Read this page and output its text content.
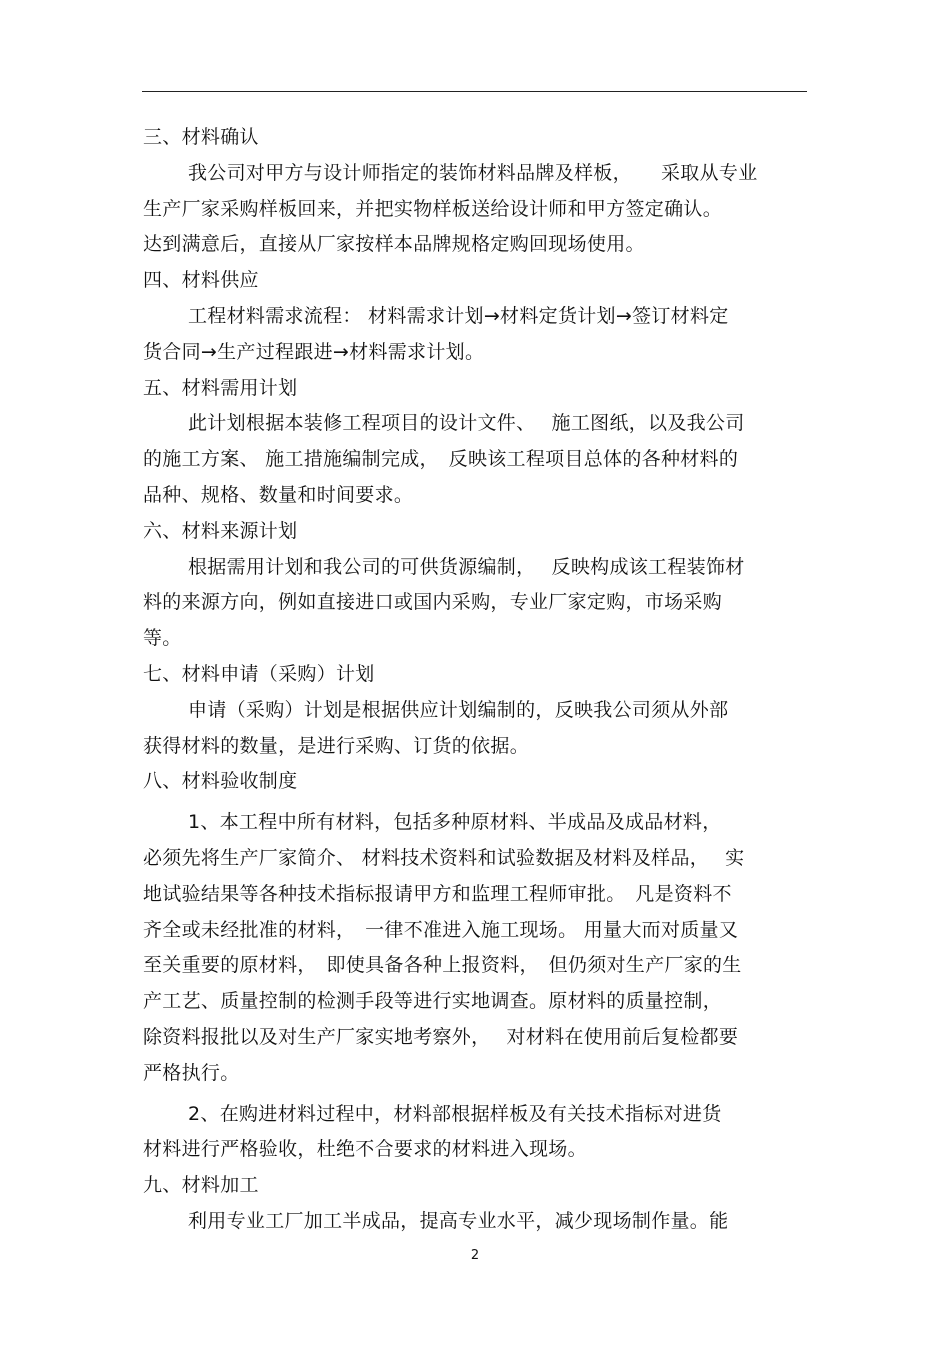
三、材料确认

我公司对甲方与设计师指定的装饰材料品牌及样板，　　采取从专业

生产厂家采购样板回来，并把实物样板送给设计师和甲方签定确认。

达到满意后，直接从厂家按样本品牌规格定购回现场使用。

四、材料供应

工程材料需求流程： 材料需求计划→材料定货计划→签订材料定

货合同→生产过程跟进→材料需求计划。

五、材料需用计划

此计划根据本装修工程项目的设计文件、　 施工图纸，以及我公司

的施工方案、 施工措施编制完成，　反映该工程项目总体的各种材料的

品种、规格、数量和时间要求。

六、材料来源计划

根据需用计划和我公司的可供货源编制，　 反映构成该工程装饰材

料的来源方向，例如直接进口或国内采购，专业厂家定购，市场采购

等。

七、材料申请（采购）计划

申请（采购）计划是根据供应计划编制的，反映我公司须从外部

获得材料的数量，是进行采购、订货的依据。

八、材料验收制度

1、本工程中所有材料，包括多种原材料、半成品及成品材料，

必须先将生产厂家简介、 材料技术资料和试验数据及材料及样品，　 实

地试验结果等各种技术指标报请甲方和监理工程师审批。　凡是资料不

齐全或未经批准的材料，　一律不准进入施工现场。 用量大而对质量又

至关重要的原材料，　即使具备各种上报资料，　但仍须对生产厂家的生

产工艺、质量控制的检测手段等进行实地调查。原材料的质量控制，

除资料报批以及对生产厂家实地考察外，　 对材料在使用前后复检都要

严格执行。

2、在购进材料过程中，材料部根据样板及有关技术指标对进货

材料进行严格验收，杜绝不合要求的材料进入现场。

九、材料加工

利用专业工厂加工半成品，提高专业水平，减少现场制作量。能

2
